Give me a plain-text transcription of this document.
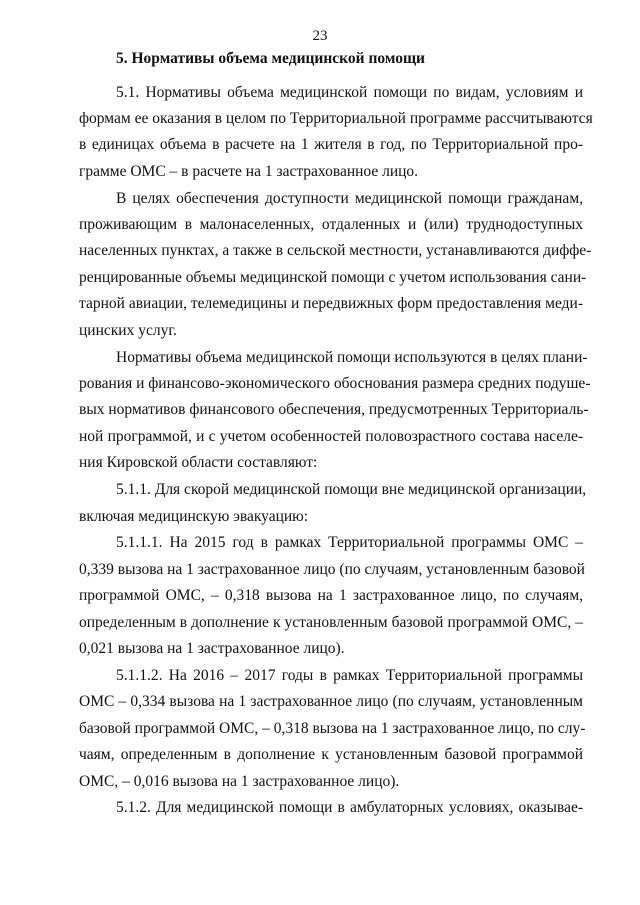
23
5. Нормативы объема медицинской помощи
5.1. Нормативы объема медицинской помощи по видам, условиям и
формам ее оказания в целом по Территориальной программе рассчитываются
в единицах объема в расчете на 1 жителя в год, по Территориальной про-
грамме ОМС – в расчете на 1 застрахованное лицо.
В целях обеспечения доступности медицинской помощи гражданам,
проживающим в малонаселенных, отдаленных и (или) труднодоступных
населенных пунктах, а также в сельской местности, устанавливаются диффе-
ренцированные объемы медицинской помощи с учетом использования сани-
тарной авиации, телемедицины и передвижных форм предоставления меди-
цинских услуг.
Нормативы объема медицинской помощи используются в целях плани-
рования и финансово-экономического обоснования размера средних подуше-
вых нормативов финансового обеспечения, предусмотренных Территориаль-
ной программой, и с учетом особенностей половозрастного состава населе-
ния Кировской области составляют:
5.1.1. Для скорой медицинской помощи вне медицинской организации,
включая медицинскую эвакуацию:
5.1.1.1. На 2015 год в рамках Территориальной программы ОМС –
0,339 вызова на 1 застрахованное лицо (по случаям, установленным базовой
программой ОМС, – 0,318 вызова на 1 застрахованное лицо, по случаям,
определенным в дополнение к установленным базовой программой ОМС, –
0,021 вызова на 1 застрахованное лицо).
5.1.1.2. На 2016 – 2017 годы в рамках Территориальной программы
ОМС – 0,334 вызова на 1 застрахованное лицо (по случаям, установленным
базовой программой ОМС, – 0,318 вызова на 1 застрахованное лицо, по слу-
чаям, определенным в дополнение к установленным базовой программой
ОМС, – 0,016 вызова на 1 застрахованное лицо).
5.1.2. Для медицинской помощи в амбулаторных условиях, оказывае-
